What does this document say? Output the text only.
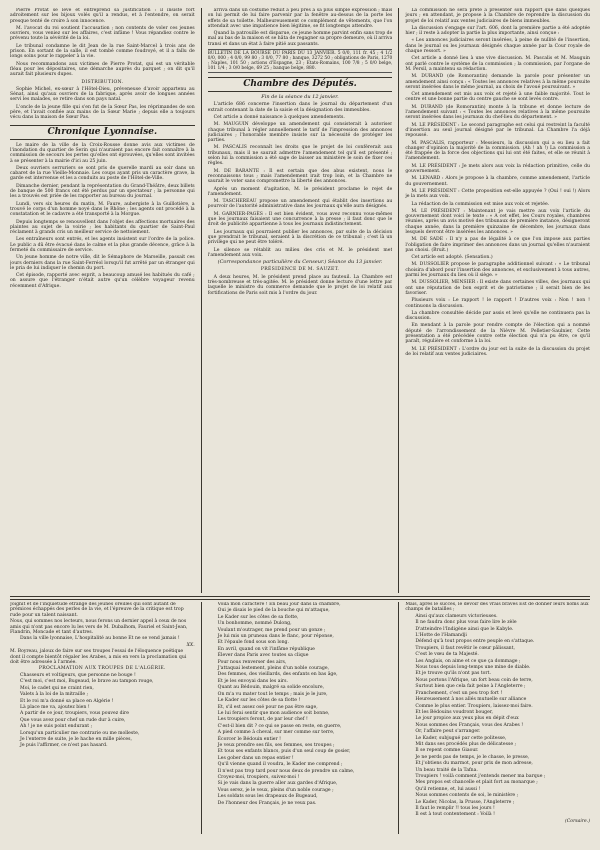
Pierre Protat se lève et entreprend sa justification : il insiste fort adroitement sur les bijoux volés qu'il a rendus, et à l'entendre, on serait presque tenté de croire à son innocence.

M. l'avocat du roi soutient l'accusation ; non contents de voler ces jeunes ouvriers, vous veniez sur les affaires, c'est infâme ! Vous répandiez contre le prévenu toute la sévérité de la loi.

Le tribunal condamne le dit Jean de la rue Saint-Marcel à trois ans de prison. En sortant de la salle, il est tombé comme foudroyé, et il a fallu de longs soins pour le rappeler à la vie.

Nous recommandons aux victimes de Pierre Protat, qui est un véritable fléau pour les dépositaires, une démarche auprès du parquet ; on dit qu'il aurait fait plusieurs dupes.

DISTRIBUTION.

Sophie Michel, ex-sœur à l'Hôtel-Dieu, préveneuse d'avoir appartenu au Sénat, ainsi qu'aux ouvriers de la fabrique, après avoir de longues années servi les malades, se retire dans son pays natal.

L'oncle de la jeune fille qui s'en fut de la Sœur Pas, les réprimandes de son père, et l'avait confiée aux mains de la Sœur Marie ; depuis elle a toujours vécu dans la maison de Sœur Pas.

Chronique Lyonnaise.

Le maire de la ville de la Croix-Rousse donne avis aux victimes de l'inondation du quartier de Serin qui n'auraient pas encore fait connaître à la commission de secours les pertes qu'elles ont éprouvées, qu'elles sont invitées à se présenter à la mairie d'ici au 25 juin.

Deux ouvriers serruriers se sont pris de querelle mardi au soir dans un cabaret de la rue Vieille-Monnaie. Les coups ayant pris un caractère grave, la garde est intervenue et les a conduits au poste de l'Hôtel-de-Ville.

Dimanche dernier, pendant la représentation du Grand-Théâtre, deux billets de banque de 500 francs ont été perdus par un spectateur ; la personne qui les a trouvés est priée de les rapporter au bureau du journal.

Lundi, vers six heures du matin, M. Faure, aubergiste à la Guillotière, a trouvé le corps d'un homme noyé dans le Rhône ; les agents ont procédé à la constatation et le cadavre a été transporté à la Morgue.

Depuis longtemps se renouvellent dans l'objet des affections mortuaires des plaintes au sujet de la voirie ; les habitants du quartier de Saint-Paul réclament à grands cris un meilleur service de nettoiement.

Les entraîneurs sont entrés, et les agents insistent sur l'ordre de la police. Le public a dû être évacué dans le calme et la plus grande décence, grâce à la fermeté du commissaire de service.

Un jeune homme de notre ville, dit le Sémaphore de Marseille, passait ces jours derniers dans la rue Saint-Ferréol lorsqu'il fut arrêté par un étranger qui le pria de lui indiquer le chemin du port.

Cet épisode, rapporté avec esprit, a beaucoup amusé les habitués du café ; on assure que l'étranger n'était autre qu'un célèbre voyageur revenu récemment d'Afrique.

arriva dans un costume réduit à peu près à sa plus simple expression ; mais on lui permit de lui faire parvenir par la fenêtre au-dessus de la porte les effets de sa toilette. Malheureusement ce complément de vêtements, que l'on attendait avec une impatience bien légitime, se fit longtemps attendre.

Quand la patrouille est disparue, ce jeune homme parvint enfin sans trop de mal au bas de la maison et se hâta de regagner sa propre demeure, où il arriva transi et dans un état à faire pitié aux passants.

BULLETIN DE LA BOURSE DU PARIS DU 13 JANVIER. 5 0/0, 111 fr. 45 ; 4 1/2 0/0, 000 ; 4 0/0, 99 80 ; 3 0/0, 77 80 ; banque, 3272 50 ; obligations de Paris, 1270 ; Naples, 101 50 ; actions d'Espagne, 23 ; Etats-Romains, 100 7/8 ; 5 0/0 belge, 101 1/4 ; 3 0/0 belge, 69 25 ; banque belge, 880.
Chambre des Députés.
Fin de la séance du 12 janvier.

L'article 686 concerne l'insertion dans le journal du département d'un extrait contenant la date de la saisie et la désignation des immeubles.

Cet article a donné naissance à quelques amendements.

M. MAUGUIN développe un amendement qui consisterait à autoriser chaque tribunal à régler annuellement le tarif de l'impression des annonces judiciaires ; l'honorable membre insiste sur la nécessité de protéger les parties.

M. PASCALIS reconnaît les droits que le projet de loi conférerait aux tribunaux, mais il ne saurait admettre l'amendement tel qu'il est présenté ; selon lui la commission a été sage de laisser au ministère le soin de fixer ces règles.

M. DE BARANTE : Il est certain que des abus existent, nous le reconnaissons tous ; mais l'amendement irait trop loin, et la Chambre ne saurait le voter sans compromettre la liberté des annonces.

Après un moment d'agitation, M. le président proclame le rejet de l'amendement.

M. TASCHEREAU propose un amendement qui établit des insertions au pourvoir de l'autorité administrative dans les journaux qu'elle aura désignés.

M. GARNIER-PAGÈS : Il est bien évident, vous avez reconnu vous-mêmes que les journaux faisaient une concurrence à la presse ; il faut donc que le droit de publicité appartienne à tous les journaux indistinctement.

Les journaux qui pourraient publier les annonces, par suite de la décision que prendrait le tribunal, seraient à la discrétion de ce tribunal ; c'est là un privilège qui ne peut être toléré.

Le silence se rétablit au milieu des cris et M. le président met l'amendement aux voix.

(Correspondance particulière du Censeur.) Séance du 13 janvier.

PRÉSIDENCE DE M. SAUZET.

A deux heures, M. le président prend place au fauteuil. La Chambre est très-nombreuse et très-agitée. M. le président donne lecture d'une lettre par laquelle le ministre du commerce demande que le projet de loi relatif aux fortifications de Paris soit mis à l'ordre du jour.

La commission ne sera prête à présenter son rapport que dans quelques jours ; en attendant, je propose à la Chambre de reprendre la discussion du projet de loi relatif aux ventes judiciaires de biens immeubles.

La discussion s'engage sur l'art. 606, dont la première partie a été adoptée hier ; il reste à adopter la partie la plus importante, ainsi conçue :

« Les annonces judiciaires seront insérées, à peine de nullité de l'insertion, dans le journal ou les journaux désignés chaque année par la Cour royale de chaque ressort. »

Cet article a donné lieu à une vive discussion. M. Pascalis et M. Mauguin ont parlé contre le système de la commission ; la commission, par l'organe de M. Persil, a maintenu sa rédaction.

M. DURAND (de Romorantin) demande la parole pour présenter un amendement ainsi conçu : « Toutes les annonces relatives à la même poursuite seront insérées dans le même journal, au choix de l'avoué poursuivant. »

Cet amendement est mis aux voix et rejeté à une faible majorité. Tout le centre et une bonne partie du centre gauche se sont levés contre.

M. DURAND (de Romorantin) monte à la tribune et donne lecture de l'amendement suivant : « Toutes les annonces relatives à la même poursuite seront insérées dans les journaux du chef-lieu du département. »

M. LE PRÉSIDENT : Le second paragraphe est celui qui restreint la faculté d'insertion au seul journal désigné par le tribunal. La Chambre l'a déjà repoussé.

M. PASCALIS, rapporteur : Messieurs, la discussion qui a eu lieu a fait changer d'opinion la majorité de la commission. (Ah ! ah !) La commission a été frappée de la force des objections qui lui ont été faites, et elle se réunit à l'amendement.

M. LE PRÉSIDENT : Je mets alors aux voix la rédaction primitive, celle du gouvernement.

M. LENARD : Alors je propose à la chambre, comme amendement, l'article du gouvernement.

M. LE PRÉSIDENT : Cette proposition est-elle appuyée ? (Oui ! oui !) Alors je la mets aux voix.

La rédaction de la commission est mise aux voix et rejetée.

M. LE PRÉSIDENT : Maintenant je vais mettre aux voix l'article du gouvernement dont voici le texte : « A cet effet, les Cours royales, chambres réunies, après un avis motivé des tribunaux de première instance, désigneront chaque année, dans la première quinzaine de décembre, les journaux dans lesquels devront être insérées les annonces. »

M. DE SADE : Il n'y a pas de légalité à ce que l'on impose aux parties l'obligation de faire imprimer des annonces dans un journal qu'elles n'auraient pas choisi. (Bruit.)

Cet article est adopté. (Sensation.)

M. DUSSOLIER propose le paragraphe additionnel suivant : « Le tribunal choisira d'abord pour l'insertion des annonces, et exclusivement à tous autres, parmi les journaux du lieu où il siège. »

M. DUSSOLIER, MENSIER : Il existe dans certaines villes, des journaux qui ont une réputation de bon esprit et de patriotisme ; il serait bien de les favoriser.

Plusieurs voix : Le rapport ! le rapport ! D'autres voix : Non ! non ! continuons la discussion.

La chambre consultée décide par assis et levé qu'elle ne continuera pas la discussion.

En mendant à la parole pour rendre compte de l'élection qui a nommé député de l'arrondissement de la Nièvre M. Pelletier-Saulnier, Cette présentation a été précédée contre cette élection qui n'a pu être, ce qu'il paraît, régulière et conforme à la loi.

M. LE PRÉSIDENT : L'ordre du jour est la suite de la discussion du projet de loi relatif aux ventes judiciaires.

Joignit et de l'inquiétude étrange des jeunes oreilles qui sont autant de prémices échappés des perles de la vie, et l'épreuve de la critique est trop rude pour un talent naissant.

Nous, qui sommes nos lecteurs, nous ferons un dernier appel à ceux de nos amis qui n'ont pas encore lu les vers de M. Dubalhom, Fauriel et Saint-Jean, Flandrin, Moncade et tant d'autres.

Dans la ville lyonnaise, L'hospitalité au bonne Et ne se vend jamais !

XX.

M. Boyreau, jaloux de faire sur ses troupes l'essai de l'éloquence poétique dont il compte bientôt régaler les Arabes, a mis en vers la proclamation qui doit être adressée à l'armée.

PROCLAMATION AUX TROUPES DE L'ALGÉRIE.

Chasseurs et voltigeurs, que personne ne bouge !

C'est moi, c'est moi, Bugeaud, le brave au tampon rouge,

Moi, le cadet qui ne craint rien,

Valets à la loi de la mitraille ;

Et le roi m'a donné sa place en Algérie !

Là place me va, ajoutez bien !

A partir de ce jour, troupiers, vous pouvez dire

Que vous avez pour chef un rude dur à cuire,

Ah ! je ne suis point endurant ;

Lorsqu'un particulier me contrarie ou me molleste,

Je l'enterre de suite, je le hache en mille pièces,

Je puis l'affirmer, ce n'est pas hasard.

Voilà mon caractère ! En beau jour dans la chambre,

Oui je disais le pied de la bouche qui m'attaque,

Le Kader sur les côtes de sa flotte,

Un bonhomme, nommé Dulong,

Voulant m'outrager, me prend pour un gonze ;

Je lui mis un pruneau dans le flanc, pour réponse,

Et l'épaule fond sous son long.

En avril, quand on vit l'infâme république

Élever dans Paris avec toutes sa clique

Pour nous renverser des airs,

J'attaquai lestement, pleins d'un noble courage,

Des femmes, des vieillards, des enfants en bas âge,

Et je les envoyai dans les airs.

Quant au Bédouin, malgré sa solide encolure,

On m'a vu mater tout le temps ; mais je le jure,

Le Kader sur les côtes de sa flotte !

Et, s'il est assez osé pour ne pas être sage,

Le lui ferai sentir que mon audience soit bonne,

Les troupiers feront, de par leur chef !

C'est-il bien dit ? ce qui se passe en reste, en guerre,

A pied comme à cheval, sur mer comme sur terre,

Écorcer le Bédouin entier !

Je veux prendre ses fils, ses femmes, ses troupes ;

Et tous ses enfants blancs, puis d'un seul coup de gosier,

Les gober dans un repas entier !

Qu'il vienne quand il voudra, le Kader me comprend ;

Il n'est pas trop tard pour nous deux de prendre un calme,

Croyez-moi, troupiers, suivez-moi !

Si je vais dans la guerre aller aux gardes d'Afrique,

Vous serez, je le veux, pleins d'un noble courage ;

Les soldats sous les drapeaux de Bugeaud,

De l'honneur des Français, je ne veux pas.

Mais, après le succès, le devoir des vrais braves Est de donner leurs noms aux champs de batailles ;

Ainsi qu'aux clameurs victorieuses.

Il ne faudra donc plus vous faire lire le zèle

D'atteindre l'Indigène ainsi que le Kabyle.

L'Hotte de l'Hamandji

Défend qu'à tout propos entre peuple en s'attaque.

Troupiers, il faut revêtir le cœur pâlissant,

C'est le vœu de ta Majesté.

Les Anglais, on aime et ce que ça dommage ;

Nous tous depuis long-temps une mine de diable.

Et je trouve qu'ils n'ont pas tort.

Nous portons l'Afrique, un fort beau coin de terre,

Surtout bien que cela fait peine à l'Angleterre ;

Franchement, c'est un peu trop fort !

Heureusement à nos allés mutuelle sur alliance

Comme le plus entier. Troupiers, laissez-moi faire.

Et les Bédouins voudront bouger,

Le jour propice aux yeux plus en dépit d'eux

Nous sommes des Français, vous des Arabes !

Or, l'affaire peut s'arranger.

Le Kader, subjugué par cette politesse,

Mit dans ses procédés plus de délicatesse ;

Il se repent comme Giaour.

Je ne perds pas de temps, je le chasse, le presse,

Et j'obtiens du marmot, pour prix de mon adresse,

Un beau traité de la Tafna.

Troupiers ! voilà comment j'entends mener ma barque ;

Mes propos est chancelle et plait fort au monarque ;

Qu'il retienne, et, lui aussi !

Nous sommes contents de soi, le ministère ;

Le Kader, Nicolas, la Prusse, l'Angleterre ;

Il faut le remplir !! tous les jours !

Il est à tout contentement : Voilà !

(Corsaire.)
